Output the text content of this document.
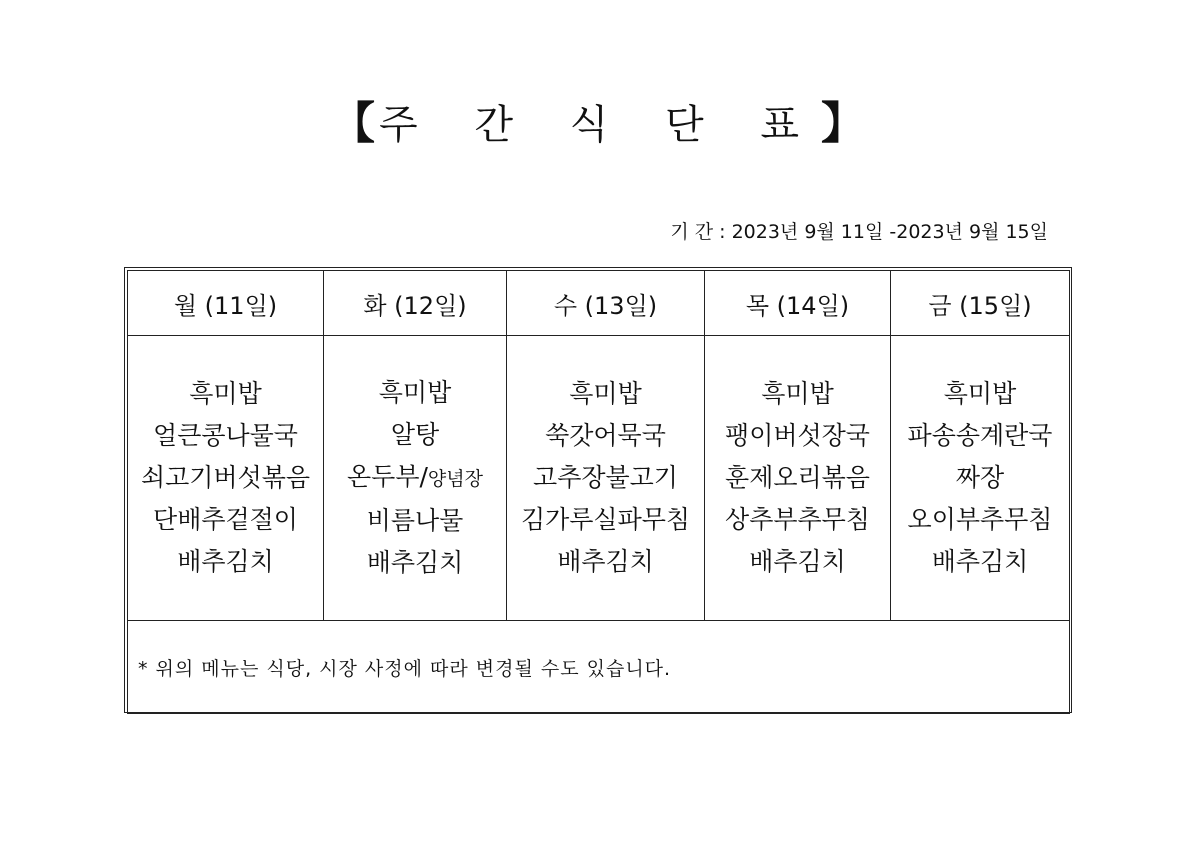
【주 간 식 단 표】
기 간 : 2023년 9월 11일 -2023년 9월 15일
월 (11일)	화 (12일)	수 (13일)	목 (14일)	금 (15일)

흑미밥
얼큰콩나물국
쇠고기버섯볶음
단배추겉절이
배추김치	흑미밥
알탕
온두부/양념장
비름나물
배추김치	흑미밥
쑥갓어묵국
고추장불고기
김가루실파무침
배추김치	흑미밥
팽이버섯장국
훈제오리볶음
상추부추무침
배추김치	흑미밥
파송송계란국
짜장
오이부추무침
배추김치

* 위의 메뉴는 식당, 시장 사정에 따라 변경될 수도 있습니다.				
